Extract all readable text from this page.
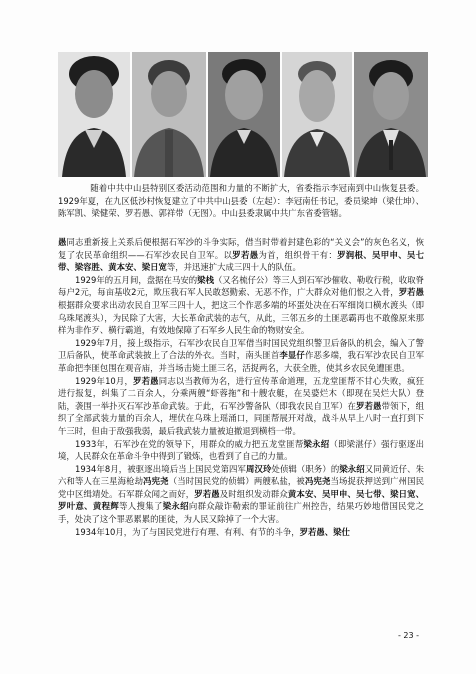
随着中共中山县特别区委活动范围和力量的不断扩大，省委指示李冠南到中山恢复县委。1929年夏，在九区低沙村恢复建立了中共中山县委（左起）：李冠南任书记，委员梁坤（梁仕坤）、陈军凯、梁健荣、罗若愚、郭祥带（无图）。中山县委隶属中共广东省委管辖。

愚同志重新接上关系后便根据石军沙的斗争实际，借当时带着封建色彩的“关义会”的灰色名义，恢复了农民革命组织——石军沙农民自卫军。以罗若愚为首，组织骨干有：罗润根、吴甲申、吴七带、梁容胜、黄本安、梁日宽等，并迅速扩大成三四十人的队伍。

1929年的五月间，盘据在马安的梁栈（又名梳仔公）等三人到石军沙催收、勒收行税，收取脊每户2元，每亩基收2元，欺压我石军人民敢怒勤索、无恶不作，广大群众对他们恨之入骨，罗若愚根据群众要求出动农民自卫军三四十人，把这三个作恶多端的坏蛋处决在石军细岗口横水渡头（即乌珠尾渡头），为民除了大害，大长革命武装的志气，从此，三邻五乡的土匪恶霸再也不敢像原来那样为非作歹、横行霸道，有效地保障了石军乡人民生命的物财安全。

1929年7月，接上级指示，石军沙农民自卫军借当时国民党组织警卫后备队的机会，编入了警卫后备队，使革命武装披上了合法的外衣。当时，南头匪首李显仔作恶多端，我石军沙农民自卫军革命把李匪包围在观音庙，并当场击毙土匪三名，活捉两名，大获全胜，使其乡农民免遭匪患。

1929年10月，罗若愚同志以当教师为名，进行宣传革命道理，五龙堂匪帮不甘心失败，疯狂进行报复，纠集了二百余人，分乘两艘“虾蓉拖”和十艘农艇，在吴婆烂木（即现在吴烂大队）登陆，袭围一举扑灭石军沙革命武装。于此，石军沙警备队（即我农民自卫军）在罗若愚带领下，组织了全部武装力量的百余人，埋伏在乌珠上瑶涌口，同匪帮展开对战，战斗从早上八时一直打到下午三时，但由于敌强我弱，最后我武装力量被迫撤退到横档一带。

1933年，石军沙在党的领导下，用群众的威力把五龙堂匪帮梁永绍（即梁湛仔）强行驱逐出境，人民群众在革命斗争中得到了锻炼，也看到了自己的力量。

1934年8月，被驱逐出境后当上国民党第四军周汉玲处侦辑（职务）的梁永绍又同黄近仔、朱六和等人在三星海枪劫冯宪尧（当时国民党的侦辑）两艘私盐，被冯宪尧当场捉获押送到广州国民党中区缉靖处。石军群众闻之而好，罗若愚及时组织发动群众黄本安、吴甲申、吴七带、梁日宽、罗叶意、黄程辉等人搜集了梁永绍向群众敲诈勒索的罪证前往广州控告，结果巧妙地借国民党之手，处决了这个罪恶累累的匪徒，为人民又除掉了一个大害。

1934年10月，为了与国民党进行有理、有利、有节的斗争，罗若愚、梁仕

- 23 -
